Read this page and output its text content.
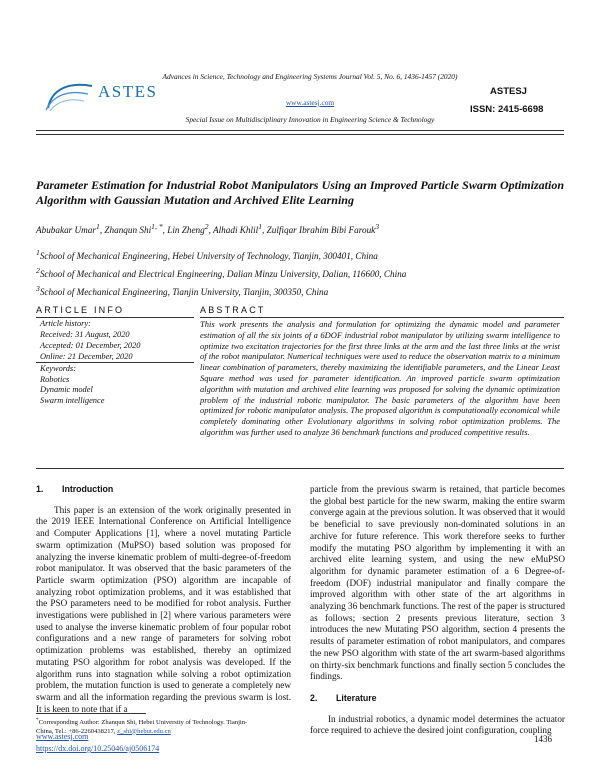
ASTES
Advances in Science, Technology and Engineering Systems Journal Vol. 5, No. 6, 1436-1457 (2020)
www.astesj.com
Special Issue on Multidisciplinary Innovation in Engineering Science & Technology
ASTESJ
ISSN: 2415-6698
Parameter Estimation for Industrial Robot Manipulators Using an Improved Particle Swarm Optimization Algorithm with Gaussian Mutation and Archived Elite Learning
Abubakar Umar$^1$, Zhanqun Shi$^{1, *}$, Lin Zheng$^2$, Alhadi Khlil$^1$, Zulfiqar Ibrahim Bibi Farouk$^3$
$^1$School of Mechanical Engineering, Hebei University of Technology, Tianjin, 300401, China
$^2$School of Mechanical and Electrical Engineering, Dalian Minzu University, Dalian, 116600, China
$^3$School of Mechanical Engineering, Tianjin University, Tianjin, 300350, China
ARTICLE INFO	ABSTRACT
Article history:
Received: 31 August, 2020
Accepted: 01 December, 2020
Online: 21 December, 2020
Keywords:
Robotics
Dynamic model
Swarm intelligence
This work presents the analysis and formulation for optimizing the dynamic model and parameter estimation of all the six joints of a 6DOF industrial robot manipulator by utilizing swarm intelligence to optimize two excitation trajectories for the first three links at the arm and the last three links at the wrist of the robot manipulator. Numerical techniques were used to reduce the observation matrix to a minimum linear combination of parameters, thereby maximizing the identifiable parameters, and the Linear Least Square method was used for parameter identification. An improved particle swarm optimization algorithm with mutation and archived elite learning was proposed for solving the dynamic optimization problem of the industrial robotic manipulator. The basic parameters of the algorithm have been optimized for robotic manipulator analysis. The proposed algorithm is computationally economical while completely dominating other Evolutionary algorithms in solving robot optimization problems. The algorithm was further used to analyze 36 benchmark functions and produced competitive results.
1. Introduction

This paper is an extension of the work originally presented in the 2019 IEEE International Conference on Artificial Intelligence and Computer Applications [1], where a novel mutating Particle swarm optimization (MuPSO) based solution was proposed for analyzing the inverse kinematic problem of multi-degree-of-freedom robot manipulator. It was observed that the basic parameters of the Particle swarm optimization (PSO) algorithm are incapable of analyzing robot optimization problems, and it was established that the PSO parameters need to be modified for robot analysis. Further investigations were published in [2] where various parameters were used to analyse the inverse kinematic problem of four popular robot configurations and a new range of parameters for solving robot optimization problems was established, thereby an optimized mutating PSO algorithm for robot analysis was developed. If the algorithm runs into stagnation while solving a robot optimization problem, the mutation function is used to generate a completely new swarm and all the information regarding the previous swarm is lost. It is keen to note that if a

particle from the previous swarm is retained, that particle becomes the global best particle for the new swarm, making the entire swarm converge again at the previous solution. It was observed that it would be beneficial to save previously non-dominated solutions in an archive for future reference. This work therefore seeks to further modify the mutating PSO algorithm by implementing it with an archived elite learning system, and using the new eMuPSO algorithm for dynamic parameter estimation of a 6 Degree-of-freedom (DOF) industrial manipulator and finally compare the improved algorithm with other state of the art algorithms in analyzing 36 benchmark functions. The rest of the paper is structured as follows; section 2 presents previous literature, section 3 introduces the new Mutating PSO algorithm, section 4 presents the results of parameter estimation of robot manipulators, and compares the new PSO algorithm with state of the art swarm-based algorithms on thirty-six benchmark functions and finally section 5 concludes the findings.

2. Literature

In industrial robotics, a dynamic model determines the actuator force required to achieve the desired joint configuration, coupling

*Corresponding Author: Zhanqun Shi, Hebei University of Technology. Tianjin-
China, Tel.: +86-2260438217, z_shi@hebut.edu.cn
www.astesj.com
https://dx.doi.org/10.25046/aj0506174
1436
